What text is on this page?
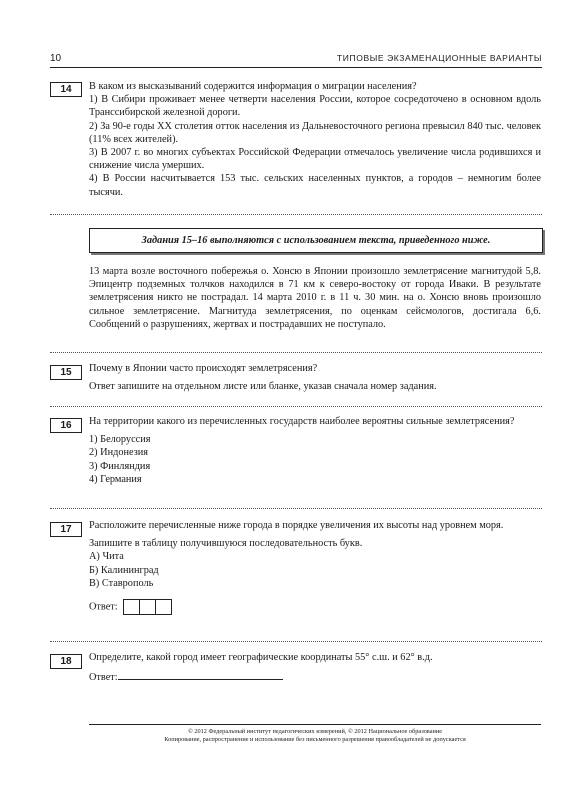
10	ТИПОВЫЕ ЭКЗАМЕНАЦИОННЫЕ ВАРИАНТЫ
14	В каком из высказываний содержится информация о миграции населения?

1) В Сибири проживает менее четверти населения России, которое сосредоточено в основном вдоль Транссибирской железной дороги.

2) За 90-е годы ХХ столетия отток населения из Дальневосточного региона превысил 840 тыс. человек (11% всех жителей).

3) В 2007 г. во многих субъектах Российской Федерации отмечалось увеличение числа родившихся и снижение числа умерших.

4) В России насчитывается 153 тыс. сельских населенных пунктов, а городов – немногим более тысячи.

Задания 15–16 выполняются с использованием текста, приведенного ниже.

13 марта возле восточного побережья о. Хонсю в Японии произошло землетрясение магнитудой 5,8. Эпицентр подземных толчков находился в 71 км к северо-востоку от города Иваки. В результате землетрясения никто не пострадал. 14 марта 2010 г. в 11 ч. 30 мин. на о. Хонсю вновь произошло сильное землетрясение. Магнитуда землетрясения, по оценкам сейсмологов, достигала 6,6. Сообщений о разрушениях, жертвах и пострадавших не поступало.

15	Почему в Японии часто происходят землетрясения?

Ответ запишите на отдельном листе или бланке, указав сначала номер задания.

16	На территории какого из перечисленных государств наиболее вероятны сильные землетрясения?

1) Белоруссия

2) Индонезия

3) Финляндия

4) Германия

17	Расположите перечисленные ниже города в порядке увеличения их высоты над уровнем моря.

Запишите в таблицу получившуюся последовательность букв.

А) Чита

Б) Калининград

В) Ставрополь

Ответ:

18	Определите, какой город имеет географические координаты 55° с.ш. и 62° в.д.

Ответ:

© 2012 Федеральный институт педагогических измерений, © 2012 Национальное образование
Копирование, распространение и использование без письменного разрешения правообладателей не допускается
